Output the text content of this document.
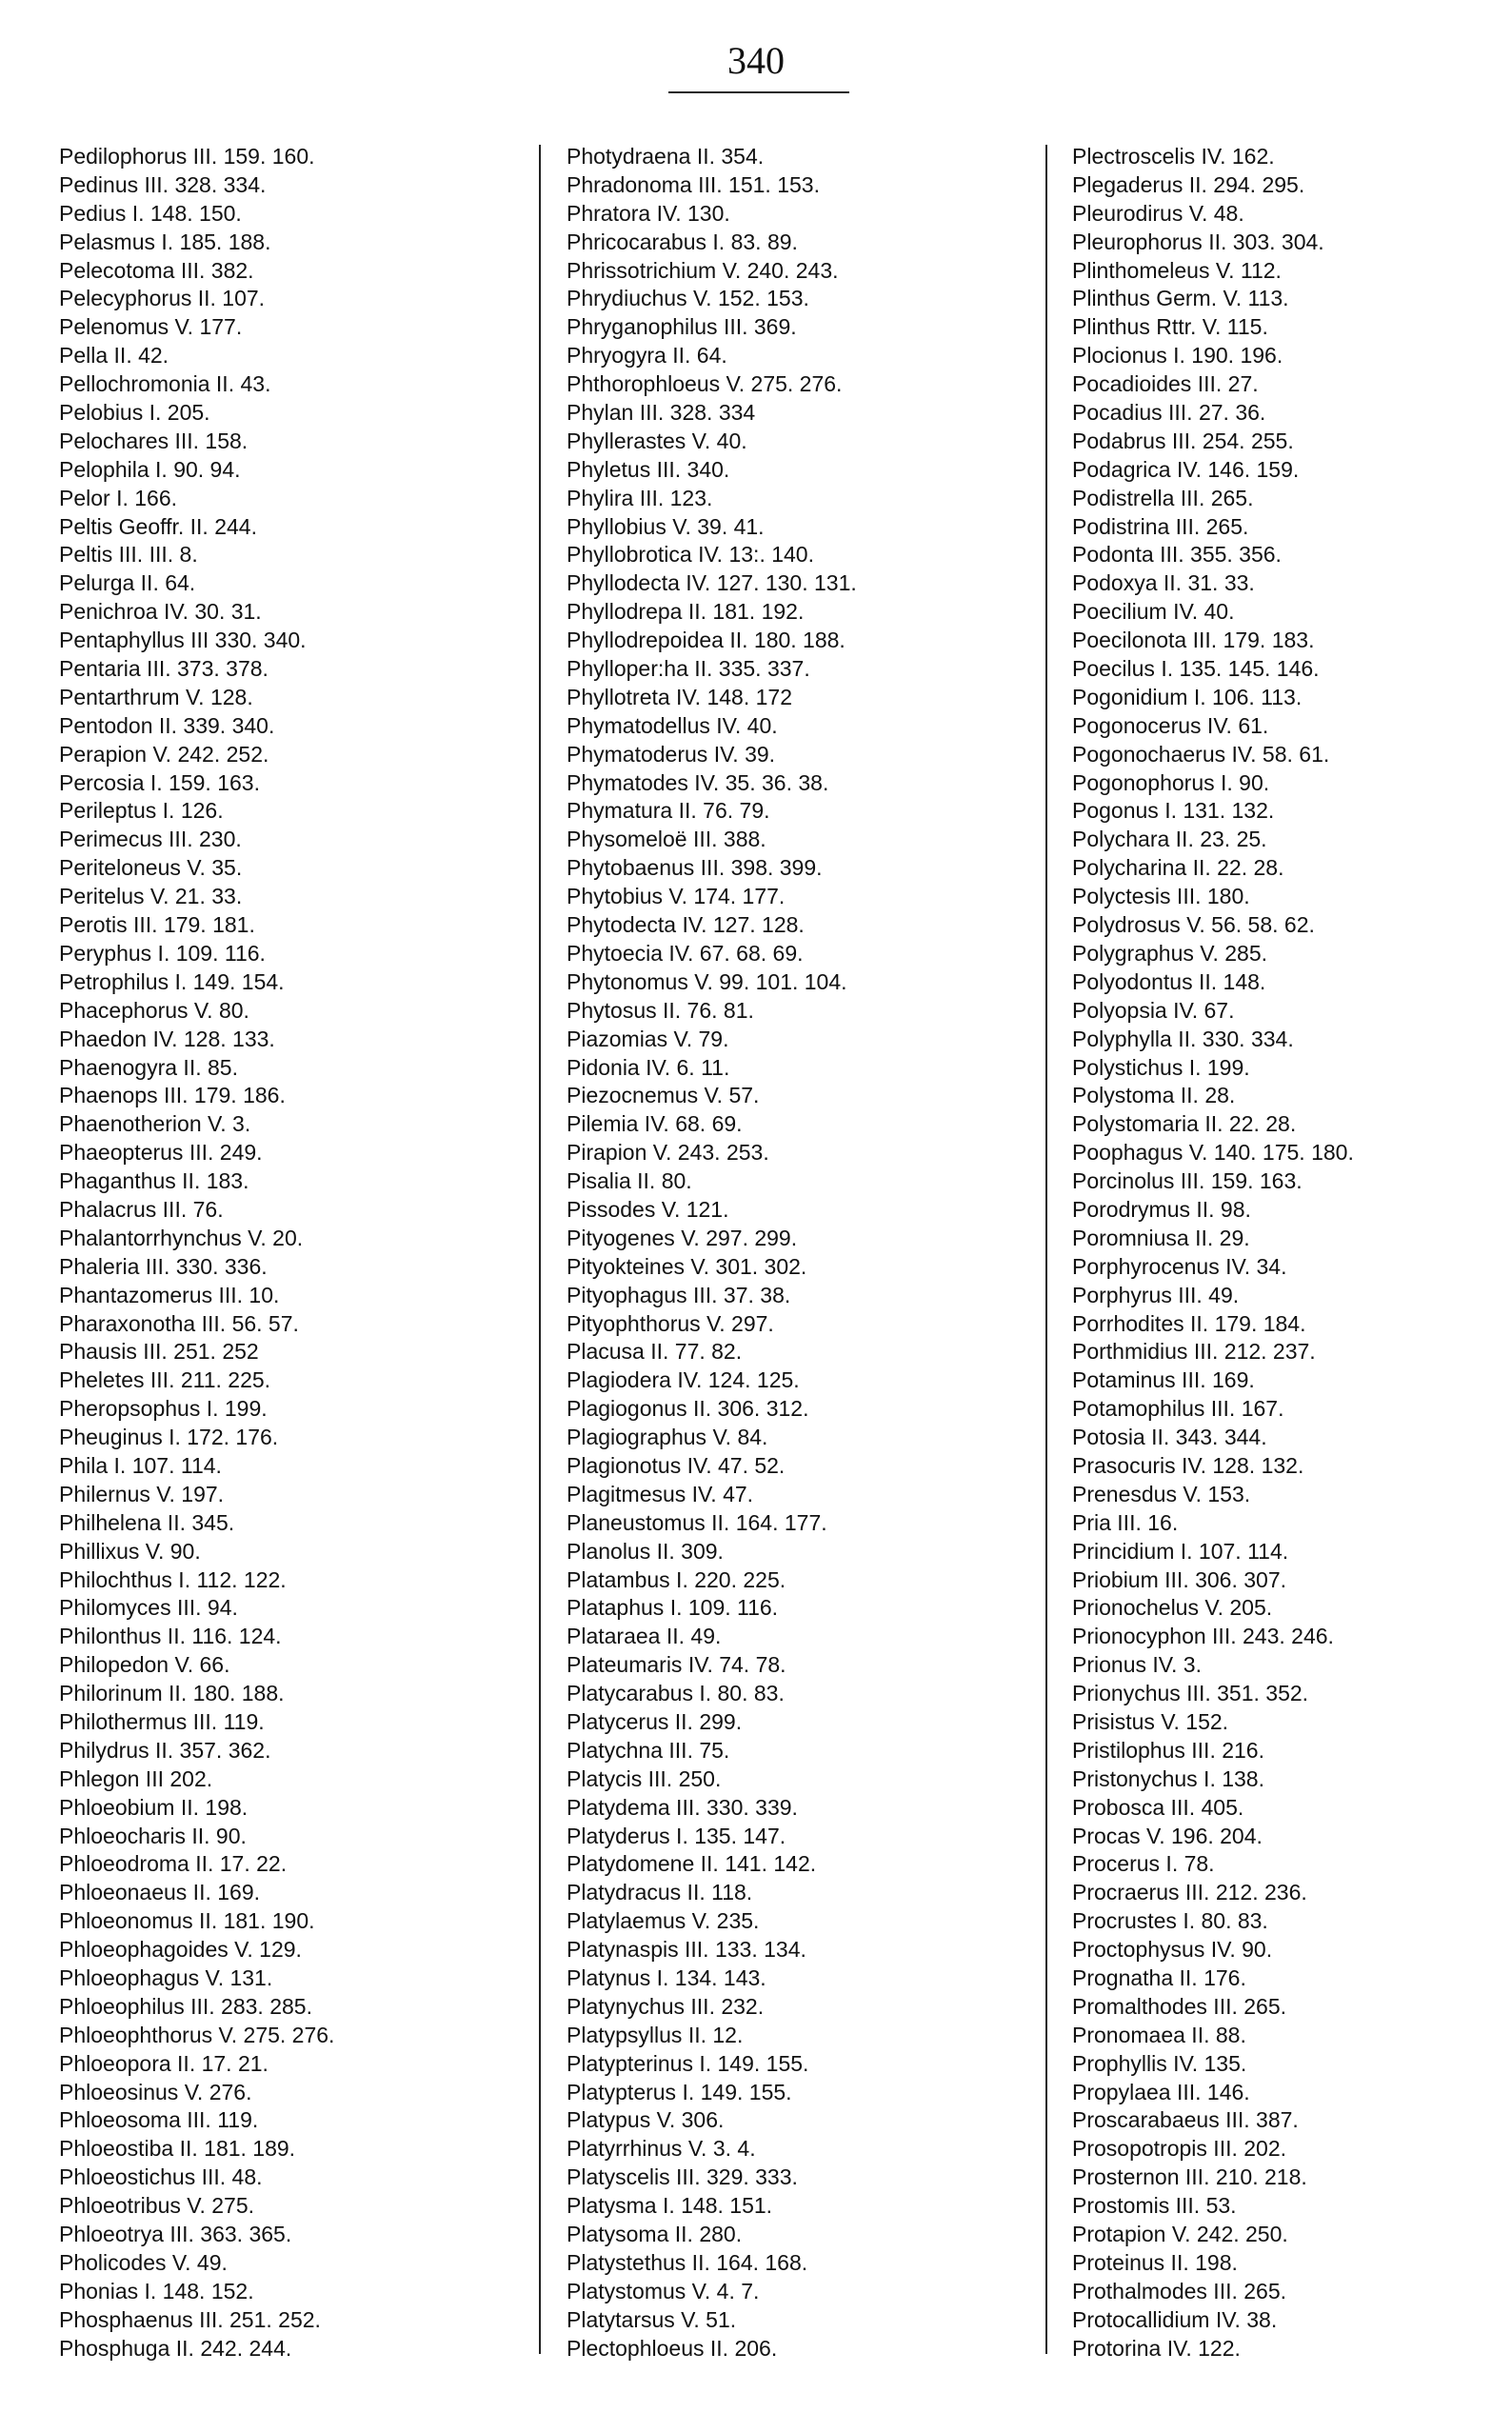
340
Pedilophorus III. 159. 160.
Pedinus III. 328. 334.
Pedius I. 148. 150.
Pelasmus I. 185. 188.
Pelecotoma III. 382.
Pelecyphorus II. 107.
Pelenomus V. 177.
Pella II. 42.
Pellochromonia II. 43.
Pelobius I. 205.
Pelochares III. 158.
Pelophila I. 90. 94.
Pelor I. 166.
Peltis Geoffr. II. 244.
Peltis III. III. 8.
Pelurga II. 64.
Penichroa IV. 30. 31.
Pentaphyllus III 330. 340.
Pentaria III. 373. 378.
Pentarthrum V. 128.
Pentodon II. 339. 340.
Perapion V. 242. 252.
Percosia I. 159. 163.
Perileptus I. 126.
Perimecus III. 230.
Periteloneus V. 35.
Peritelus V. 21. 33.
Perotis III. 179. 181.
Peryphus I. 109. 116.
Petrophilus I. 149. 154.
Phacephorus V. 80.
Phaedon IV. 128. 133.
Phaenogyra II. 85.
Phaenops III. 179. 186.
Phaenotherion V. 3.
Phaeopterus III. 249.
Phaganthus II. 183.
Phalacrus III. 76.
Phalantorrhynchus V. 20.
Phaleria III. 330. 336.
Phantazomerus III. 10.
Pharaxonotha III. 56. 57.
Phausis III. 251. 252
Pheletes III. 211. 225.
Pheropsophus I. 199.
Pheuginus I. 172. 176.
Phila I. 107. 114.
Philernus V. 197.
Philhelena II. 345.
Phillixus V. 90.
Philochthus I. 112. 122.
Philomyces III. 94.
Philonthus II. 116. 124.
Philopedon V. 66.
Philorinum II. 180. 188.
Philothermus III. 119.
Philydrus II. 357. 362.
Phlegon III 202.
Phloeobium II. 198.
Phloeocharis II. 90.
Phloeodroma II. 17. 22.
Phloeonaeus II. 169.
Phloeonomus II. 181. 190.
Phloeophagoides V. 129.
Phloeophagus V. 131.
Phloeophilus III. 283. 285.
Phloeophthorus V. 275. 276.
Phloeopora II. 17. 21.
Phloeosinus V. 276.
Phloeosoma III. 119.
Phloeostiba II. 181. 189.
Phloeostichus III. 48.
Phloeotribus V. 275.
Phloeotrya III. 363. 365.
Pholicodes V. 49.
Phonias I. 148. 152.
Phosphaenus III. 251. 252.
Phosphuga II. 242. 244.
Photydraena II. 354.
Phradonoma III. 151. 153.
Phratora IV. 130.
Phricocarabus I. 83. 89.
Phrissotrichium V. 240. 243.
Phrydiuchus V. 152. 153.
Phryganophilus III. 369.
Phryogyra II. 64.
Phthorophloeus V. 275. 276.
Phylan III. 328. 334
Phyllerastes V. 40.
Phyletus III. 340.
Phylira III. 123.
Phyllobius V. 39. 41.
Phyllobrotica IV. 13:. 140.
Phyllodecta IV. 127. 130. 131.
Phyllodrepa II. 181. 192.
Phyllodrepoidea II. 180. 188.
Phylloper:ha II. 335. 337.
Phyllotreta IV. 148. 172
Phymatodellus IV. 40.
Phymatoderus IV. 39.
Phymatodes IV. 35. 36. 38.
Phymatura II. 76. 79.
Physomeloë III. 388.
Phytobaenus III. 398. 399.
Phytobius V. 174. 177.
Phytodecta IV. 127. 128.
Phytoecia IV. 67. 68. 69.
Phytonomus V. 99. 101. 104.
Phytosus II. 76. 81.
Piazomias V. 79.
Pidonia IV. 6. 11.
Piezocnemus V. 57.
Pilemia IV. 68. 69.
Pirapion V. 243. 253.
Pisalia II. 80.
Pissodes V. 121.
Pityogenes V. 297. 299.
Pityokteines V. 301. 302.
Pityophagus III. 37. 38.
Pityophthorus V. 297.
Placusa II. 77. 82.
Plagiodera IV. 124. 125.
Plagiogonus II. 306. 312.
Plagiographus V. 84.
Plagionotus IV. 47. 52.
Plagitmesus IV. 47.
Planeustomus II. 164. 177.
Planolus II. 309.
Platambus I. 220. 225.
Plataphus I. 109. 116.
Plataraea II. 49.
Plateumaris IV. 74. 78.
Platycarabus I. 80. 83.
Platycerus II. 299.
Platychna III. 75.
Platycis III. 250.
Platydema III. 330. 339.
Platyderus I. 135. 147.
Platydomene II. 141. 142.
Platydracus II. 118.
Platylaemus V. 235.
Platynaspis III. 133. 134.
Platynus I. 134. 143.
Platynychus III. 232.
Platypsyllus II. 12.
Platypterinus I. 149. 155.
Platypterus I. 149. 155.
Platypus V. 306.
Platyrrhinus V. 3. 4.
Platyscelis III. 329. 333.
Platysma I. 148. 151.
Platysoma II. 280.
Platystethus II. 164. 168.
Platystomus V. 4. 7.
Platytarsus V. 51.
Plectophloeus II. 206.
Plectroscelis IV. 162.
Plegaderus II. 294. 295.
Pleurodirus V. 48.
Pleurophorus II. 303. 304.
Plinthomeleus V. 112.
Plinthus Germ. V. 113.
Plinthus Rttr. V. 115.
Plocionus I. 190. 196.
Pocadioides III. 27.
Pocadius III. 27. 36.
Podabrus III. 254. 255.
Podagrica IV. 146. 159.
Podistrella III. 265.
Podistrina III. 265.
Podonta III. 355. 356.
Podoxya II. 31. 33.
Poecilium IV. 40.
Poecilonota III. 179. 183.
Poecilus I. 135. 145. 146.
Pogonidium I. 106. 113.
Pogonocerus IV. 61.
Pogonochaerus IV. 58. 61.
Pogonophorus I. 90.
Pogonus I. 131. 132.
Polychara II. 23. 25.
Polycharina II. 22. 28.
Polyctesis III. 180.
Polydrosus V. 56. 58. 62.
Polygraphus V. 285.
Polyodontus II. 148.
Polyopsia IV. 67.
Polyphylla II. 330. 334.
Polystichus I. 199.
Polystoma II. 28.
Polystomaria II. 22. 28.
Poophagus V. 140. 175. 180.
Porcinolus III. 159. 163.
Porodrymus II. 98.
Poromniusa II. 29.
Porphyrocenus IV. 34.
Porphyrus III. 49.
Porrhodites II. 179. 184.
Porthmidius III. 212. 237.
Potaminus III. 169.
Potamophilus III. 167.
Potosia II. 343. 344.
Prasocuris IV. 128. 132.
Prenesdus V. 153.
Pria III. 16.
Princidium I. 107. 114.
Priobium III. 306. 307.
Prionochelus V. 205.
Prionocyphon III. 243. 246.
Prionus IV. 3.
Prionychus III. 351. 352.
Prisistus V. 152.
Pristilophus III. 216.
Pristonychus I. 138.
Probosca III. 405.
Procas V. 196. 204.
Procerus I. 78.
Procraerus III. 212. 236.
Procrustes I. 80. 83.
Proctophysus IV. 90.
Prognatha II. 176.
Promalthodes III. 265.
Pronomaea II. 88.
Prophyllis IV. 135.
Propylaea III. 146.
Proscarabaeus III. 387.
Prosopotropis III. 202.
Prosternon III. 210. 218.
Prostomis III. 53.
Protapion V. 242. 250.
Proteinus II. 198.
Prothalmodes III. 265.
Protocallidium IV. 38.
Protorina IV. 122.
